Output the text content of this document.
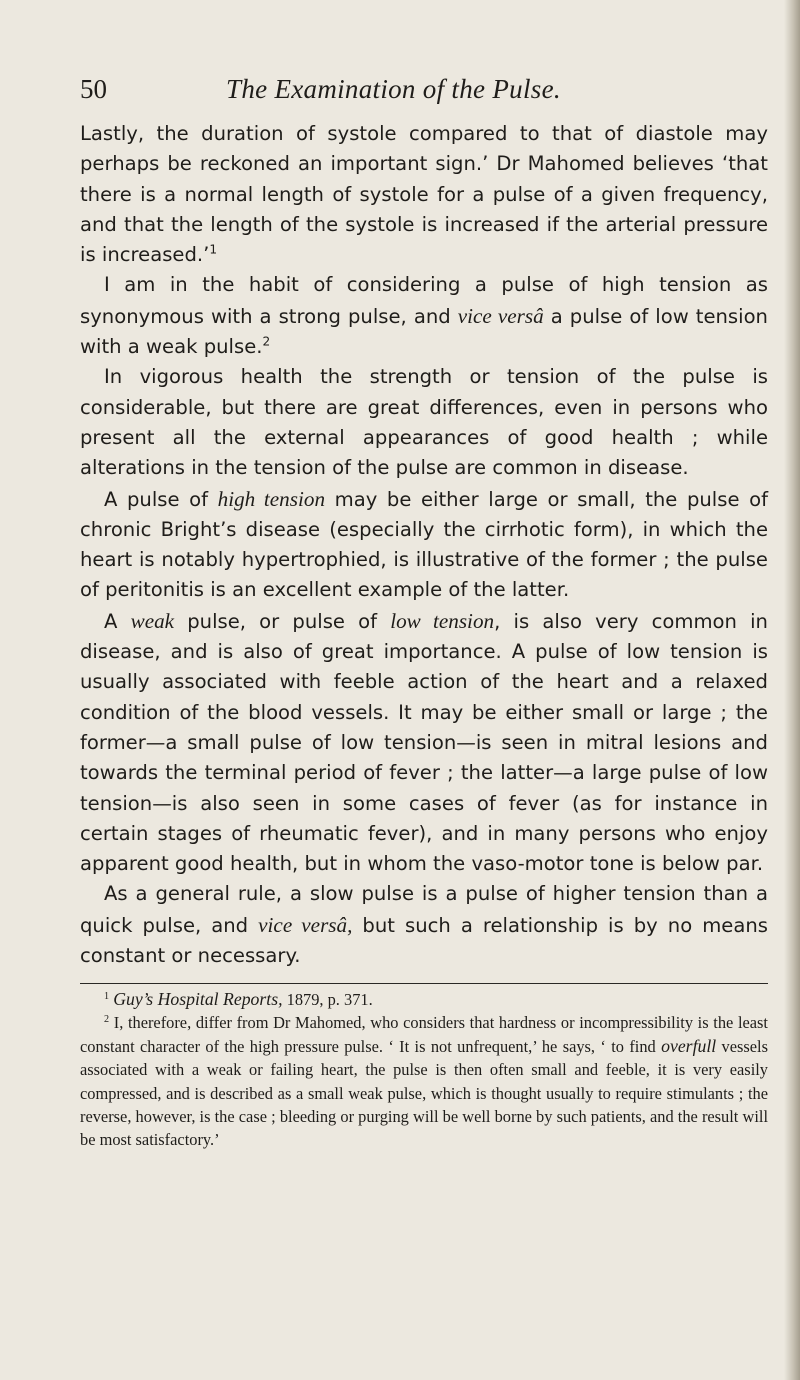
50	The Examination of the Pulse.

Lastly, the duration of systole compared to that of diastole may perhaps be reckoned an important sign.’ Dr Mahomed believes ‘that there is a normal length of systole for a pulse of a given frequency, and that the length of the systole is increased if the arterial pressure is increased.’$^1$

I am in the habit of considering a pulse of high tension as synonymous with a strong pulse, and vice versâ a pulse of low tension with a weak pulse.$^2$

In vigorous health the strength or tension of the pulse is considerable, but there are great differences, even in persons who present all the external appearances of good health ; while alterations in the tension of the pulse are common in disease.

A pulse of high tension may be either large or small, the pulse of chronic Bright’s disease (especially the cirrhotic form), in which the heart is notably hypertrophied, is illustrative of the former ; the pulse of peritonitis is an excellent example of the latter.

A weak pulse, or pulse of low tension, is also very common in disease, and is also of great importance. A pulse of low tension is usually associated with feeble action of the heart and a relaxed condition of the blood vessels. It may be either small or large ; the former—a small pulse of low tension—is seen in mitral lesions and towards the terminal period of fever ; the latter—a large pulse of low tension—is also seen in some cases of fever (as for instance in certain stages of rheumatic fever), and in many persons who enjoy apparent good health, but in whom the vaso-motor tone is below par.

As a general rule, a slow pulse is a pulse of higher tension than a quick pulse, and vice versâ, but such a relationship is by no means constant or necessary.

$^1$ Guy’s Hospital Reports, 1879, p. 371.

$^2$ I, therefore, differ from Dr Mahomed, who considers that hardness or incompressibility is the least constant character of the high pressure pulse. ‘ It is not unfrequent,’ he says, ‘ to find overfull vessels associated with a weak or failing heart, the pulse is then often small and feeble, it is very easily compressed, and is described as a small weak pulse, which is thought usually to require stimulants ; the reverse, however, is the case ; bleeding or purging will be well borne by such patients, and the result will be most satisfactory.’
